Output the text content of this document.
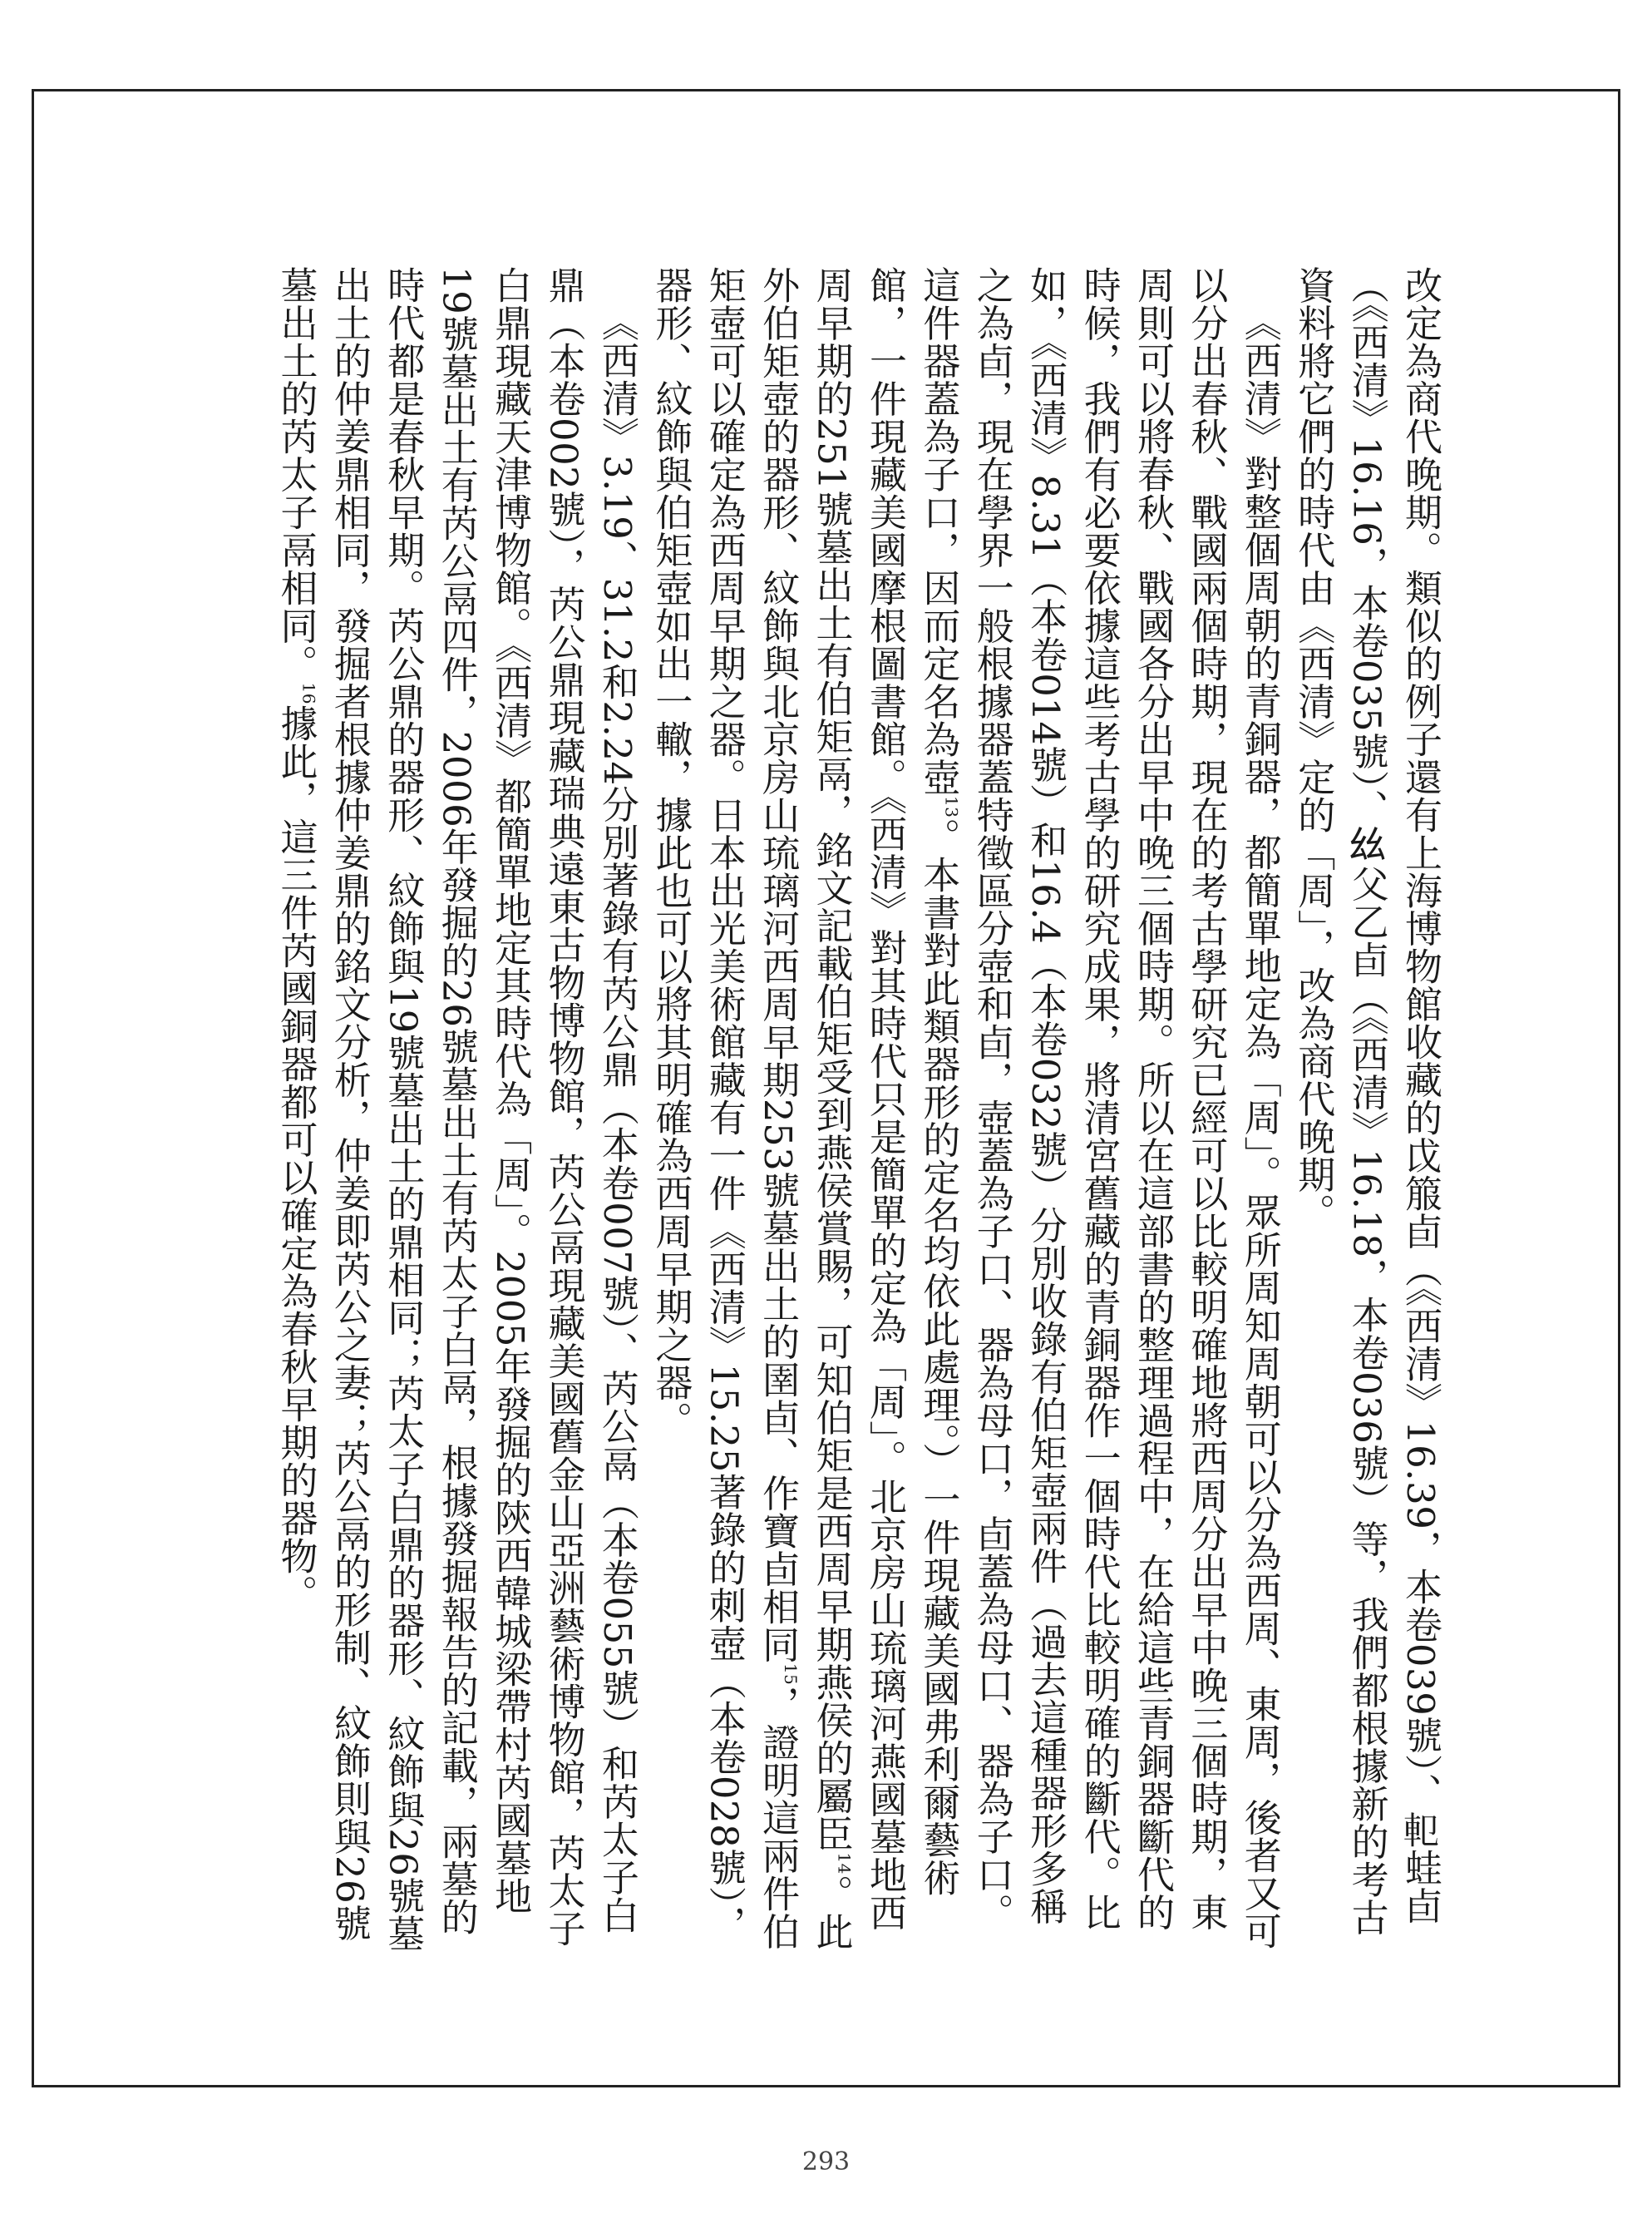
改定為商代晚期。類似的例子還有上海博物館收藏的戉箙卣（《西清》16.39，本卷039號）、𨊠蛙卣（《西清》16.16，本卷035號）、𢆶父乙卣（《西清》16.18，本卷036號）等，我們都根據新的考古資料將它們的時代由《西清》定的「周」，改為商代晚期。

《西清》對整個周朝的青銅器，都簡單地定為「周」。眾所周知周朝可以分為西周、東周，後者又可以分出春秋、戰國兩個時期，現在的考古學研究已經可以比較明確地將西周分出早中晚三個時期，東周則可以將春秋、戰國各分出早中晚三個時期。所以在這部書的整理過程中，在給這些青銅器斷代的時候，我們有必要依據這些考古學的研究成果，將清宮舊藏的青銅器作一個時代比較明確的斷代。比如，《西清》8.31（本卷014號）和16.4（本卷032號）分別收錄有伯矩壺兩件（過去這種器形多稱之為卣，現在學界一般根據器蓋特徵區分壺和卣，壺蓋為子口、器為母口，卣蓋為母口、器為子口。這件器蓋為子口，因而定名為壺$^{13}$。本書對此類器形的定名均依此處理。）一件現藏美國弗利爾藝術館，一件現藏美國摩根圖書館。《西清》對其時代只是簡單的定為「周」。北京房山琉璃河燕國墓地西周早期的251號墓出土有伯矩鬲，銘文記載伯矩受到燕侯賞賜，可知伯矩是西周早期燕侯的屬臣$^{14}$。此外伯矩壺的器形、紋飾與北京房山琉璃河西周早期253號墓出土的圉卣、作寶卣相同$^{15}$，證明這兩件伯矩壺可以確定為西周早期之器。日本出光美術館藏有一件《西清》15.25著錄的刺壺（本卷028號），器形、紋飾與伯矩壺如出一轍，據此也可以將其明確為西周早期之器。

《西清》3.19、31.2和2.24分別著錄有芮公鼎（本卷007號）、芮公鬲（本卷055號）和芮太子白鼎（本卷002號），芮公鼎現藏瑞典遠東古物博物館，芮公鬲現藏美國舊金山亞洲藝術博物館，芮太子白鼎現藏天津博物館。《西清》都簡單地定其時代為「周」。2005年發掘的陝西韓城梁帶村芮國墓地19號墓出土有芮公鬲四件，2006年發掘的26號墓出土有芮太子白鬲，根據發掘報告的記載，兩墓的時代都是春秋早期。芮公鼎的器形、紋飾與19號墓出土的鼎相同；芮太子白鼎的器形、紋飾與26號墓出土的仲姜鼎相同，發掘者根據仲姜鼎的銘文分析，仲姜即芮公之妻；芮公鬲的形制、紋飾則與26號墓出土的芮太子鬲相同。$^{16}$據此，這三件芮國銅器都可以確定為春秋早期的器物。

293
